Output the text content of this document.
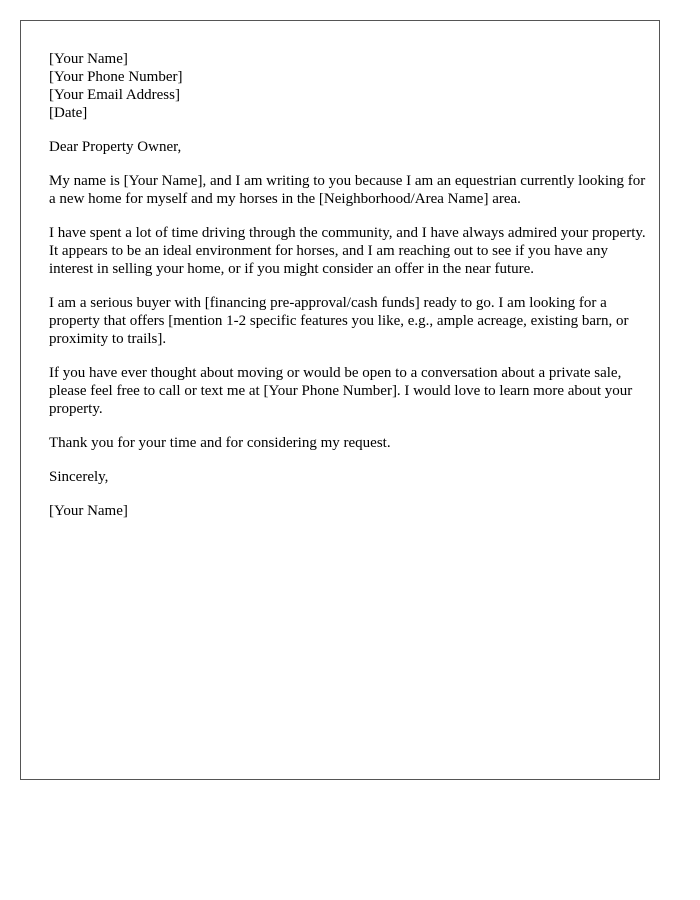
[Your Name]
[Your Phone Number]
[Your Email Address]
[Date]

Dear Property Owner,

My name is [Your Name], and I am writing to you because I am an equestrian currently looking for a new home for myself and my horses in the [Neighborhood/Area Name] area.

I have spent a lot of time driving through the community, and I have always admired your property. It appears to be an ideal environment for horses, and I am reaching out to see if you have any interest in selling your home, or if you might consider an offer in the near future.

I am a serious buyer with [financing pre-approval/cash funds] ready to go. I am looking for a property that offers [mention 1-2 specific features you like, e.g., ample acreage, existing barn, or proximity to trails].

If you have ever thought about moving or would be open to a conversation about a private sale, please feel free to call or text me at [Your Phone Number]. I would love to learn more about your property.

Thank you for your time and for considering my request.

Sincerely,

[Your Name]
